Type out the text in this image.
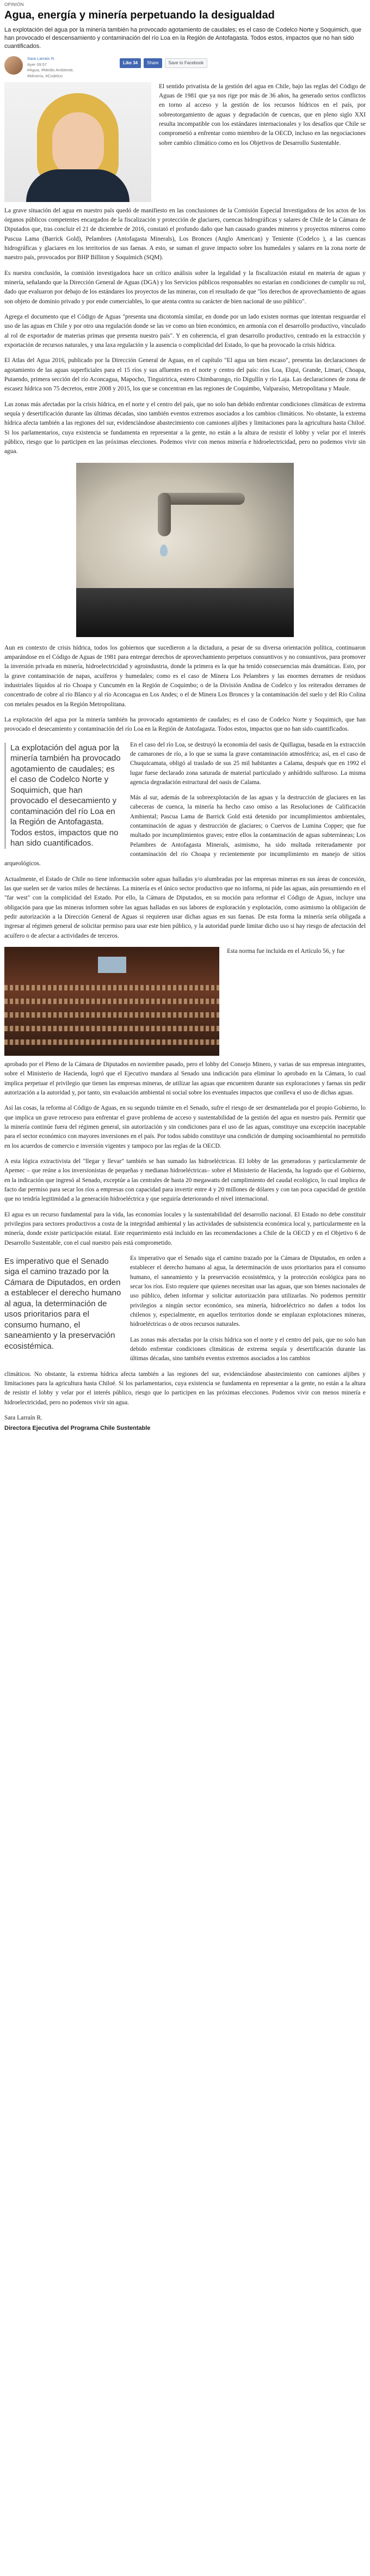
OPINIÓN
Agua, energía y minería perpetuando la desigualdad
La explotación del agua por la minería también ha provocado agotamiento de caudales; es el caso de Codelco Norte y Soquimich, que han provocado el descensamiento y contaminación del río Loa en la Región de Antofagasta. Todos estos, impactos que no han sido cuantificados.
Sara Larraín R.
Ayer 09:57
#Agua, #Medio Ambiente,
#Minería, #Codelco
Like 34	Share	Save to Facebook

El sentido privatista de la gestión del agua en Chile, bajo las reglas del Código de Aguas de 1981 que ya nos rige por más de 36 años, ha generado serios conflictos en torno al acceso y la gestión de los recursos hídricos en el país, por sobreotorgamiento de aguas y degradación de cuencas, que en pleno siglo XXI resulta incompatible con los estándares internacionales y los desafíos que Chile se comprometió a enfrentar como miembro de la OECD, incluso en las negociaciones sobre cambio climático como en los Objetivos de Desarrollo Sustentable.

La grave situación del agua en nuestro país quedó de manifiesto en las conclusiones de la Comisión Especial Investigadora de los actos de los órganos públicos competentes encargados de la fiscalización y protección de glaciares, cuencas hidrográficas y salares de Chile de la Cámara de Diputados que, tras concluir el 21 de diciembre de 2016, constató el profundo daño que han causado grandes mineros y proyectos mineros como Pascua Lama (Barrick Gold), Pelambres (Antofagasta Minerals), Los Bronces (Anglo American) y Teniente (Codelco ), a las cuencas hidrográficas y glaciares en los territorios de sus faenas. A esto, se suman el grave impacto sobre los humedales y salares en la zona norte de nuestro país, provocados por BHP Billiton y Soquimich (SQM).

Es nuestra conclusión, la comisión investigadora hace un crítico análisis sobre la legalidad y la fiscalización estatal en materia de aguas y minería, señalando que la Dirección General de Aguas (DGA) y los Servicios públicos responsables no estarían en condiciones de cumplir su rol, dado que evaluaron por debajo de los estándares los proyectos de las mineras, con el resultado de que "los derechos de aprovechamiento de aguas son objeto de dominio privado y por ende comerciables, lo que atenta contra su carácter de bien nacional de uso público".

Agrega el documento que el Código de Aguas "presenta una dicotomía similar, en donde por un lado existen normas que intentan resguardar el uso de las aguas en Chile y por otro una regulación donde se las ve como un bien económico, en armonía con el desarrollo productivo, vinculado al rol de exportador de materias primas que presenta nuestro país". Y en coherencia, el gran desarrollo productivo, centrado en la extracción y exportación de recursos naturales, y una laxa regulación y la ausencia o complicidad del Estado, lo que ha provocado la crisis hídrica.

El Atlas del Agua 2016, publicado por la Dirección General de Aguas, en el capítulo "El agua un bien escaso", presenta las declaraciones de agotamiento de las aguas superficiales para el 15 ríos y sus afluentes en el norte y centro del país: ríos Loa, Elqui, Grande, Limarí, Choapa, Putaendo, primera sección del río Aconcagua, Mapocho, Tinguiririca, estero Chimbarongo, río Digullín y río Laja. Las declaraciones de zona de escasez hídrica son 75 decretos, entre 2008 y 2015, los que se concentran en las regiones de Coquimbo, Valparaíso, Metropolitana y Maule.

Las zonas más afectadas por la crisis hídrica, en el norte y el centro del país, que no solo han debido enfrentar condiciones climáticas de extrema sequía y desertificación durante las últimas décadas, sino también eventos extremos asociados a los cambios climáticos. No obstante, la extrema hídrica afecta también a las regiones del sur, evidenciándose abastecimiento con camiones aljibes y limitaciones para la agricultura hasta Chiloé. Si los parlamentarios, cuya existencia se fundamenta en representar a la gente, no están a la altura de resistir el lobby y velar por el interés público, riesgo que lo participen en las próximas elecciones. Podemos vivir con menos minería e hidroelectricidad, pero no podemos vivir sin agua.

Aun en contexto de crisis hídrica, todos los gobiernos que sucedieron a la dictadura, a pesar de su diversa orientación política, continuaron amparándose en el Código de Aguas de 1981 para entregar derechos de aprovechamiento perpetuos consuntivos y no consuntivos, para promover la inversión privada en minería, hidroelectricidad y agroindustria, donde la primera es la que ha tenido consecuencias más dramáticas. Esto, por la grave contaminación de napas, acuíferos y humedales; como es el caso de Minera Los Pelambres y las enormes derrames de residuos industriales líquidos al río Choapa y Cuncumén en la Región de Coquimbo; o de la División Andina de Codelco y los reiterados derrames de concentrado de cobre al río Blanco y al río Aconcagua en Los Andes; o el de Minera Los Bronces y la contaminación del suelo y del Río Colina con metales pesados en la Región Metropolitana.

La explotación del agua por la minería también ha provocado agotamiento de caudales; es el caso de Codelco Norte y Soquimich, que han provocado el desecamiento y contaminación del río Loa en la Región de Antofagasta. Todos estos, impactos que no han sido cuantificados.

La explotación del agua por la minería también ha provocado agotamiento de caudales; es el caso de Codelco Norte y Soquimich, que han provocado el desecamiento y contaminación del río Loa en la Región de Antofagasta. Todos estos, impactos que no han sido cuantificados.

En el caso del río Loa, se destruyó la economía del oasis de Quillagua, basada en la extracción de camarones de río, a lo que se suma la grave contaminación atmosférica; así, en el caso de Chuquicamata, obligó al traslado de sus 25 mil habitantes a Calama, después que en 1992 el lugar fuese declarado zona saturada de material particulado y anhídrido sulfuroso. La misma agencia degradación estructural del oasis de Calama.

Más al sur, además de la sobreexplotación de las aguas y la destrucción de glaciares en las cabeceras de cuenca, la minería ha hecho caso omiso a las Resoluciones de Calificación Ambiental; Pascua Lama de Barrick Gold está detenido por incumplimientos ambientales, contaminación de aguas y destrucción de glaciares; o Cuervos de Lumina Copper; que fue multado por incumplimientos graves; entre ellos la contaminación de aguas subterráneas; Los Pelambres de Antofagasta Minerals, asimismo, ha sido multada reiteradamente por contaminación del río Choapa y recientemente por incumplimiento en manejo de sitios arqueológicos.

Actualmente, el Estado de Chile no tiene información sobre aguas halladas y/o alumbradas por las empresas mineras en sus áreas de concesión, las que suelen ser de varios miles de hectáreas. La minería es el único sector productivo que no informa, ni pide las aguas, aún presumiendo en el "far west" con la complicidad del Estado. Por ello, la Cámara de Diputados, en su moción para reformar el Código de Aguas, incluye una obligación para que las mineras informen sobre las aguas halladas en sus labores de exploración y explotación, como asimismo la obligación de pedir autorización a la Dirección General de Aguas si requieren usar dichas aguas en sus faenas. De esta forma la minería sería obligada a ingresar al régimen general de solicitar permiso para usar este bien público, y la autoridad puede limitar dicho uso si hay riesgo de afectación del acuífero o de afectar a actividades de terceros.

Esta norma fue incluida en el Artículo 56, y fue

aprobado por el Pleno de la Cámara de Diputados en noviembre pasado, pero el lobby del Consejo Minero, y varias de sus empresas integrantes, sobre el Ministerio de Hacienda, logró que el Ejecutivo mandara al Senado una indicación para eliminar lo aprobado en la Cámara, lo cual implica perpetuar el privilegio que tienen las empresas mineras, de utilizar las aguas que encuentren durante sus exploraciones y faenas sin pedir autorización a la autoridad y, por tanto, sin evaluación ambiental ni social sobre los eventuales impactos que conlleva el uso de dichas aguas.

Así las cosas, la reforma al Código de Aguas, en su segundo trámite en el Senado, sufre el riesgo de ser desmantelada por el propio Gobierno, lo que implica un grave retroceso para enfrentar el grave problema de acceso y sustentabilidad de la gestión del agua en nuestro país. Permitir que la minería continúe fuera del régimen general, sin autorización y sin condiciones para el uso de las aguas, constituye una excepción inaceptable para el sector económico con mayores inversiones en el país. Por todos sabido constituye una condición de dumping socioambiental no permitido en los acuerdos de comercio e inversión vigentes y tampoco por las reglas de la OECD.

A esta lógica extractivista del "llegar y llevar" también se han sumado las hidroeléctricas. El lobby de las generadoras y particularmente de Apemec – que reúne a los inversionistas de pequeñas y medianas hidroeléctricas– sobre el Ministerio de Hacienda, ha logrado que el Gobierno, en la indicación que ingresó al Senado, exceptúe a las centrales de hasta 20 megawatts del cumplimiento del caudal ecológico, lo cual implica de facto dar permiso para secar los ríos a empresas con capacidad para invertir entre 4 y 20 millones de dólares y con tan poca capacidad de gestión que no tendría legitimidad a la generación hidroeléctrica y que seguiría deteriorando el nivel internacional.

El agua es un recurso fundamental para la vida, las economías locales y la sustentabilidad del desarrollo nacional. El Estado no debe constituir privilegios para sectores productivos a costa de la integridad ambiental y las actividades de subsistencia económica local y, particularmente en la minería, donde existe participación estatal. Este requerimiento está incluido en las recomendaciones a Chile de la OECD y en el Objetivo 6 de Desarrollo Sustentable, con el cual nuestro país está comprometido.

Es imperativo que el Senado siga el camino trazado por la Cámara de Diputados, en orden a establecer el derecho humano al agua, la determinación de usos prioritarios para el consumo humano, el saneamiento y la preservación ecosistémica.

Es imperativo que el Senado siga el camino trazado por la Cámara de Diputados, en orden a establecer el derecho humano al agua, la determinación de usos prioritarios para el consumo humano, el saneamiento y la preservación ecosistémica, y la protección ecológica para no secar los ríos. Esto requiere que quienes necesitan usar las aguas, que son bienes nacionales de uso público, deben informar y solicitar autorización para utilizarlas. No podemos permitir privilegios a ningún sector económico, sea minería, hidroeléctrico no dañen a todos los chilenos y, especialmente, en aquellos territorios donde se emplazan explotaciones mineras, hidroeléctricas o de otros recursos naturales.

Las zonas más afectadas por la crisis hídrica son el norte y el centro del país, que no solo han debido enfrentar condiciones climáticas de extrema sequía y desertificación durante las últimas décadas, sino también eventos extremos asociados a los cambios

climáticos. No obstante, la extrema hídrica afecta también a las regiones del sur, evidenciándose abastecimiento con camiones aljibes y limitaciones para la agricultura hasta Chiloé. Si los parlamentarios, cuya existencia se fundamenta en representar a la gente, no están a la altura de resistir el lobby y velar por el interés público, riesgo que lo participen en las próximas elecciones. Podemos vivir con menos minería e hidroelectricidad, pero no podemos vivir sin agua.

Sara Larraín R.

Directora Ejecutiva del Programa Chile Sustentable
